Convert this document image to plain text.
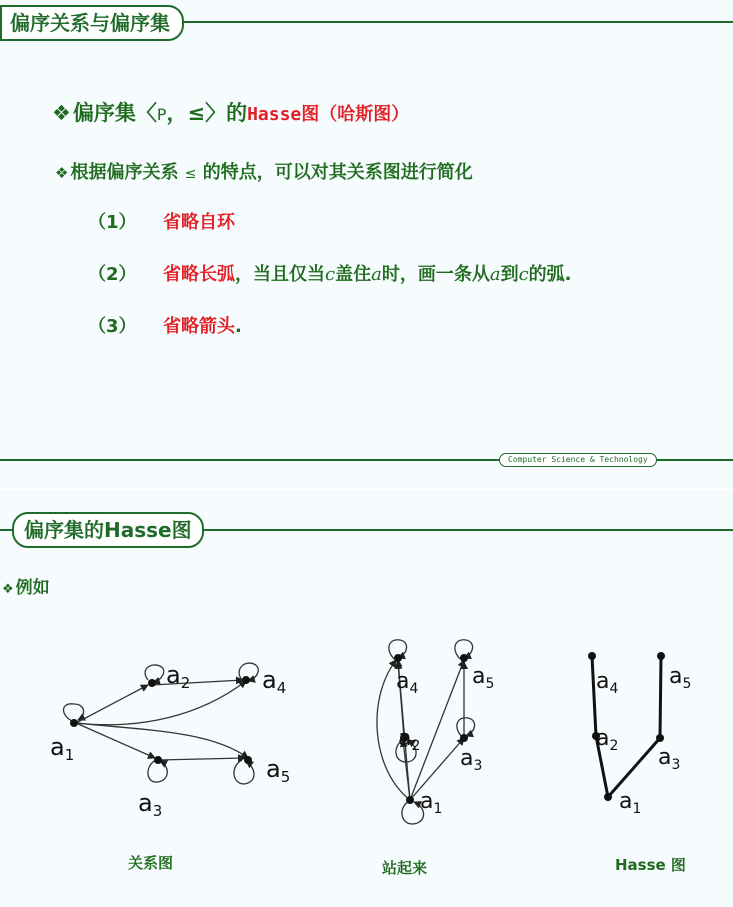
偏序关系与偏序集
❖偏序集〈P，≤〉的Hasse图（哈斯图）
❖ 根据偏序关系 ≤ 的特点，可以对其关系图进行简化
（1） 省略自环
（2） 省略长弧，当且仅当c盖住a时，画一条从a到c的弧.
（3） 省略箭头.
Computer Science & Technology
偏序集的Hasse图
❖ 例如
$a_1$
$a_2$
$a_3$
$a_4$
$a_5$
$a_1$
$a_2$ $a_3$
$a_4$ $a_5$
$a_1$
$a_2$ $a_3$
$a_4$ $a_5$
关系图	站起来	Hasse 图
